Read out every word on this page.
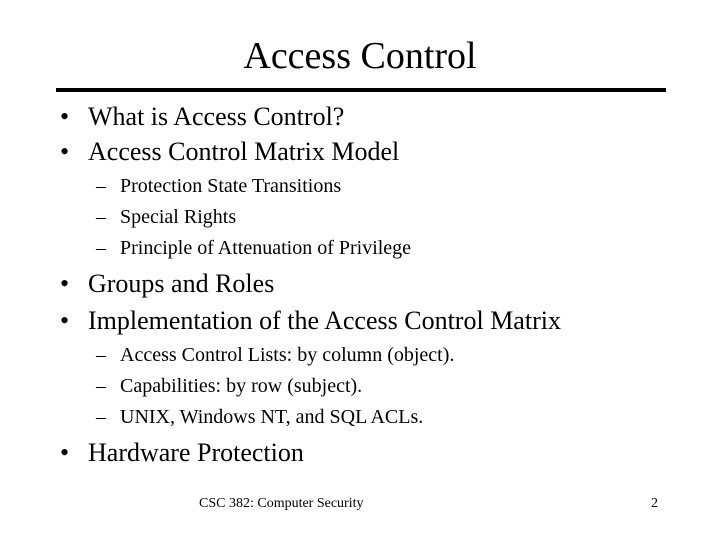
Access Control
• What is Access Control?
• Access Control Matrix Model
– Protection State Transitions
– Special Rights
– Principle of Attenuation of Privilege
• Groups and Roles
• Implementation of the Access Control Matrix
– Access Control Lists: by column (object).
– Capabilities: by row (subject).
– UNIX, Windows NT, and SQL ACLs.
• Hardware Protection
CSC 382: Computer Security	2
